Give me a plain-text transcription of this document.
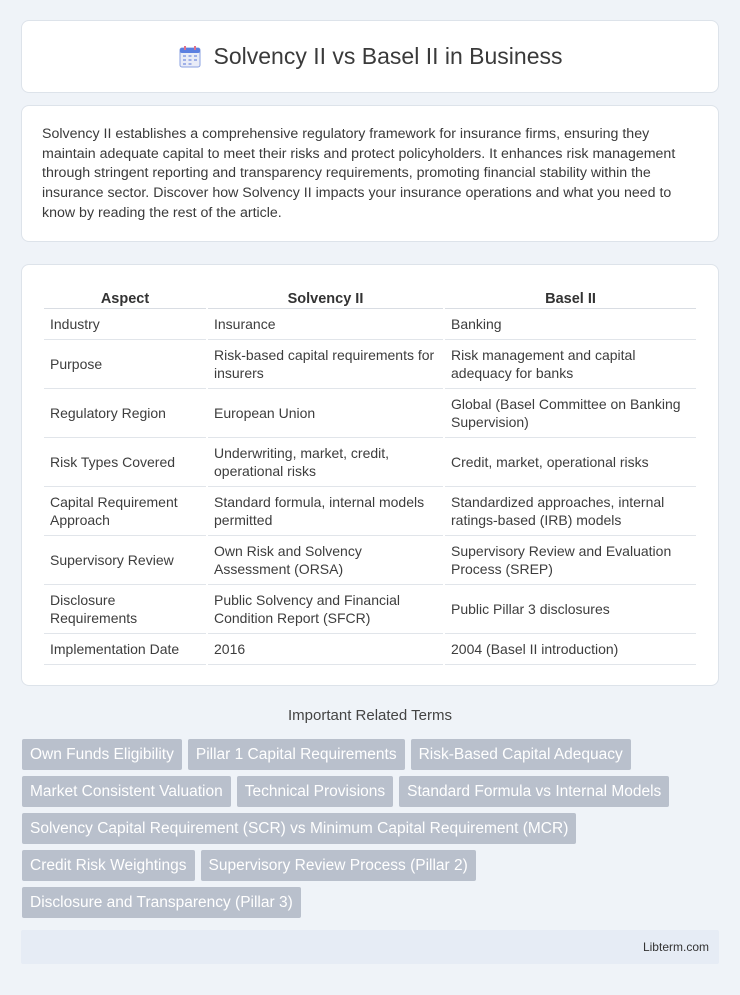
Solvency II vs Basel II in Business

Solvency II establishes a comprehensive regulatory framework for insurance firms, ensuring they maintain adequate capital to meet their risks and protect policyholders. It enhances risk management through stringent reporting and transparency requirements, promoting financial stability within the insurance sector. Discover how Solvency II impacts your insurance operations and what you need to know by reading the rest of the article.

Aspect	Solvency II	Basel II
Industry	Insurance	Banking
Purpose	Risk-based capital requirements for insurers	Risk management and capital adequacy for banks
Regulatory Region	European Union	Global (Basel Committee on Banking Supervision)
Risk Types Covered	Underwriting, market, credit, operational risks	Credit, market, operational risks
Capital Requirement Approach	Standard formula, internal models permitted	Standardized approaches, internal ratings-based (IRB) models
Supervisory Review	Own Risk and Solvency Assessment (ORSA)	Supervisory Review and Evaluation Process (SREP)
Disclosure Requirements	Public Solvency and Financial Condition Report (SFCR)	Public Pillar 3 disclosures
Implementation Date	2016	2004 (Basel II introduction)
Important Related Terms
Own Funds Eligibility	Pillar 1 Capital Requirements	Risk-Based Capital Adequacy
Market Consistent Valuation	Technical Provisions	Standard Formula vs Internal Models
Solvency Capital Requirement (SCR) vs Minimum Capital Requirement (MCR)
Credit Risk Weightings	Supervisory Review Process (Pillar 2)
Disclosure and Transparency (Pillar 3)
Libterm.com
